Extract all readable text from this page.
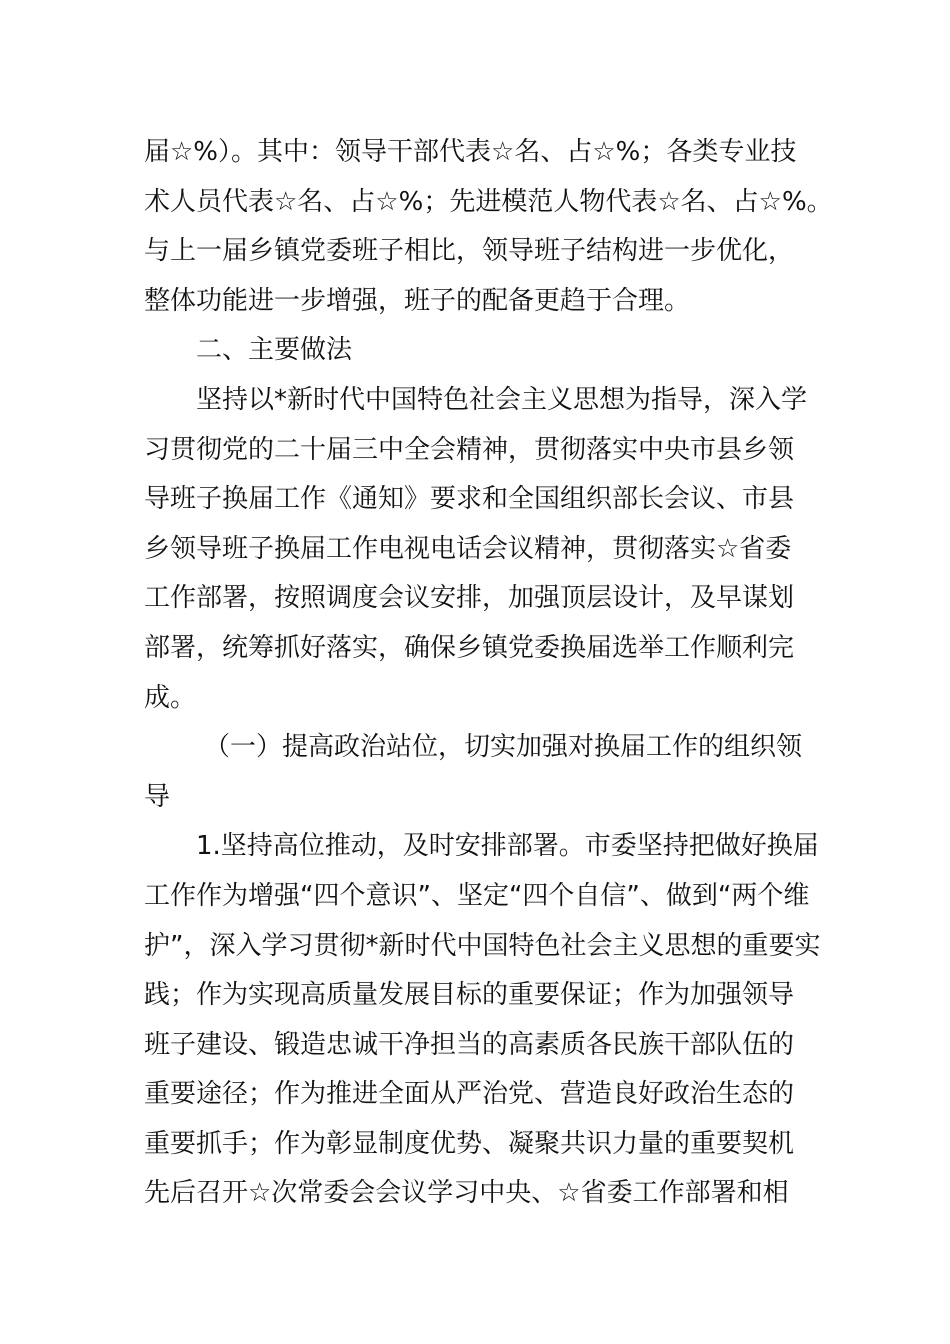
届☆%）。其中：领导干部代表☆名、占☆%；各类专业技
术人员代表☆名、占☆%；先进模范人物代表☆名、占☆%。
与上一届乡镇党委班子相比，领导班子结构进一步优化，
整体功能进一步增强，班子的配备更趋于合理。
二、主要做法
坚持以*新时代中国特色社会主义思想为指导，深入学
习贯彻党的二十届三中全会精神，贯彻落实中央市县乡领
导班子换届工作《通知》要求和全国组织部长会议、市县
乡领导班子换届工作电视电话会议精神，贯彻落实☆省委
工作部署，按照调度会议安排，加强顶层设计，及早谋划
部署，统筹抓好落实，确保乡镇党委换届选举工作顺利完
成。
（一）提高政治站位，切实加强对换届工作的组织领
导
1.坚持高位推动，及时安排部署。市委坚持把做好换届
工作作为增强“四个意识”、坚定“四个自信”、做到“两个维
护”，深入学习贯彻*新时代中国特色社会主义思想的重要实
践；作为实现高质量发展目标的重要保证；作为加强领导
班子建设、锻造忠诚干净担当的高素质各民族干部队伍的
重要途径；作为推进全面从严治党、营造良好政治生态的
重要抓手；作为彰显制度优势、凝聚共识力量的重要契机
先后召开☆次常委会会议学习中央、☆省委工作部署和相
